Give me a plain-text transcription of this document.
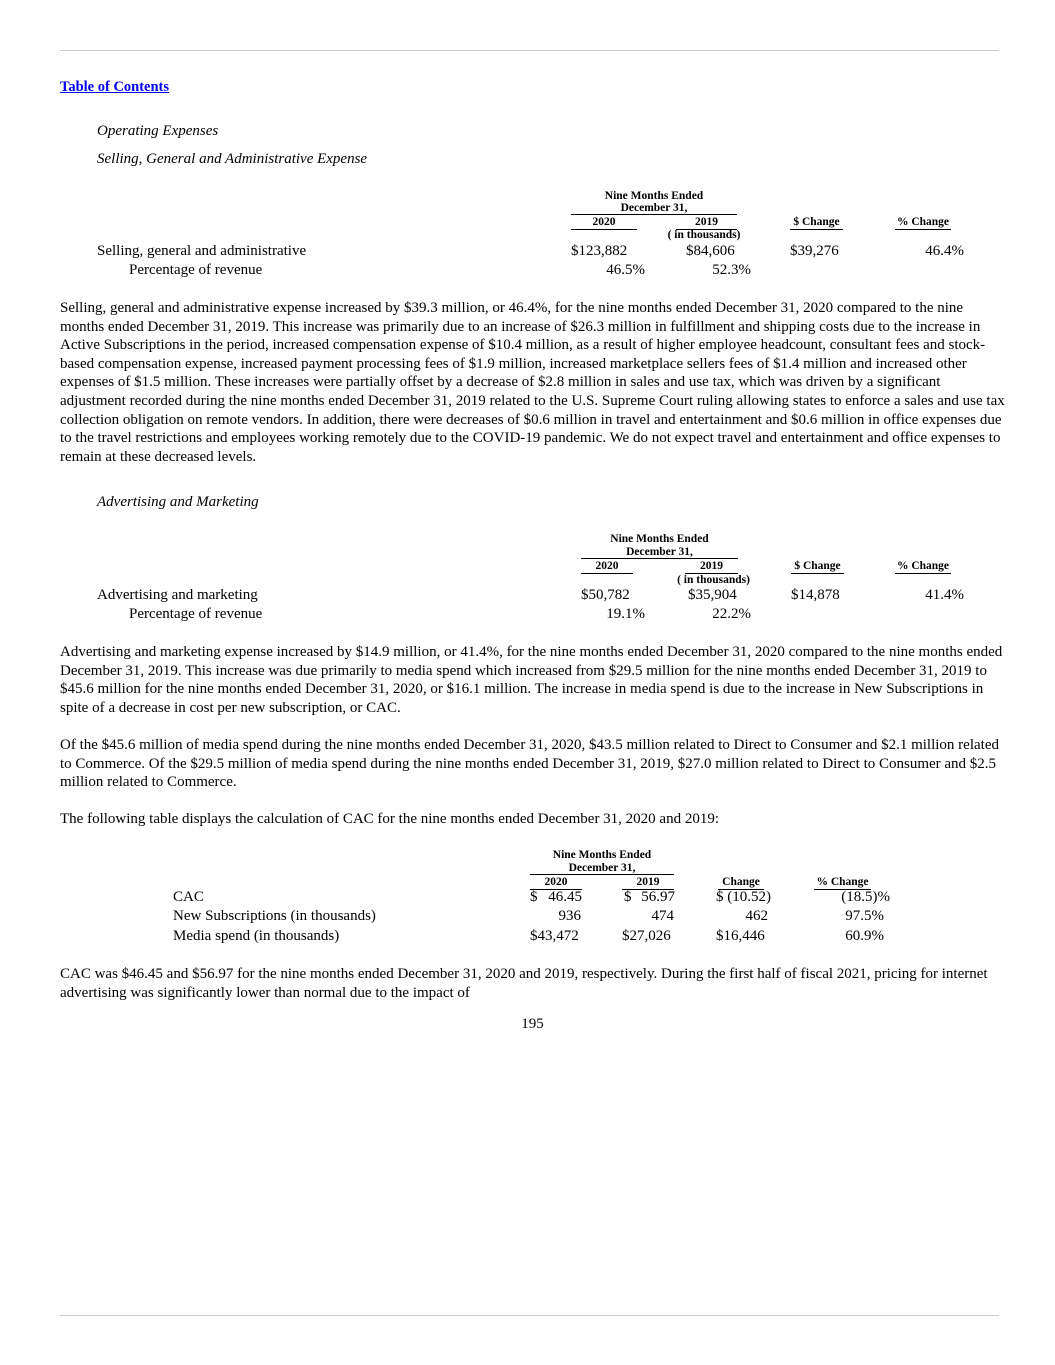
Table of Contents
Operating Expenses
Selling, General and Administrative Expense
Nine Months Ended
December 31,
2020	2019	$ Change	% Change
( in thousands)
Selling, general and administrative	$123,882	$84,606	$39,276	46.4%
Percentage of revenue	46.5%	52.3%
Selling, general and administrative expense increased by $39.3 million, or 46.4%, for the nine months ended December 31, 2020 compared to the nine months ended December 31, 2019. This increase was primarily due to an increase of $26.3 million in fulfillment and shipping costs due to the increase in Active Subscriptions in the period, increased compensation expense of $10.4 million, as a result of higher employee headcount, consultant fees and stock-based compensation expense, increased payment processing fees of $1.9 million, increased marketplace sellers fees of $1.4 million and increased other expenses of $1.5 million. These increases were partially offset by a decrease of $2.8 million in sales and use tax, which was driven by a significant adjustment recorded during the nine months ended December 31, 2019 related to the U.S. Supreme Court ruling allowing states to enforce a sales and use tax collection obligation on remote vendors. In addition, there were decreases of $0.6 million in travel and entertainment and $0.6 million in office expenses due to the travel restrictions and employees working remotely due to the COVID-19 pandemic. We do not expect travel and entertainment and office expenses to remain at these decreased levels.
Advertising and Marketing
Nine Months Ended
December 31,
2020	2019	$ Change	% Change
( in thousands)
Advertising and marketing	$50,782	$35,904	$14,878	41.4%
Percentage of revenue	19.1%	22.2%
Advertising and marketing expense increased by $14.9 million, or 41.4%, for the nine months ended December 31, 2020 compared to the nine months ended December 31, 2019. This increase was due primarily to media spend which increased from $29.5 million for the nine months ended December 31, 2019 to $45.6 million for the nine months ended December 31, 2020, or $16.1 million. The increase in media spend is due to the increase in New Subscriptions in spite of a decrease in cost per new subscription, or CAC.
Of the $45.6 million of media spend during the nine months ended December 31, 2020, $43.5 million related to Direct to Consumer and $2.1 million related to Commerce. Of the $29.5 million of media spend during the nine months ended December 31, 2019, $27.0 million related to Direct to Consumer and $2.5 million related to Commerce.
The following table displays the calculation of CAC for the nine months ended December 31, 2020 and 2019:
Nine Months Ended
December 31,
2020	2019	Change	% Change
CAC	$ 46.45	$ 56.97	$ (10.52)	(18.5)%
New Subscriptions (in thousands)	936	474	462	97.5%
Media spend (in thousands)	$43,472	$27,026	$16,446	60.9%
CAC was $46.45 and $56.97 for the nine months ended December 31, 2020 and 2019, respectively. During the first half of fiscal 2021, pricing for internet advertising was significantly lower than normal due to the impact of
195
